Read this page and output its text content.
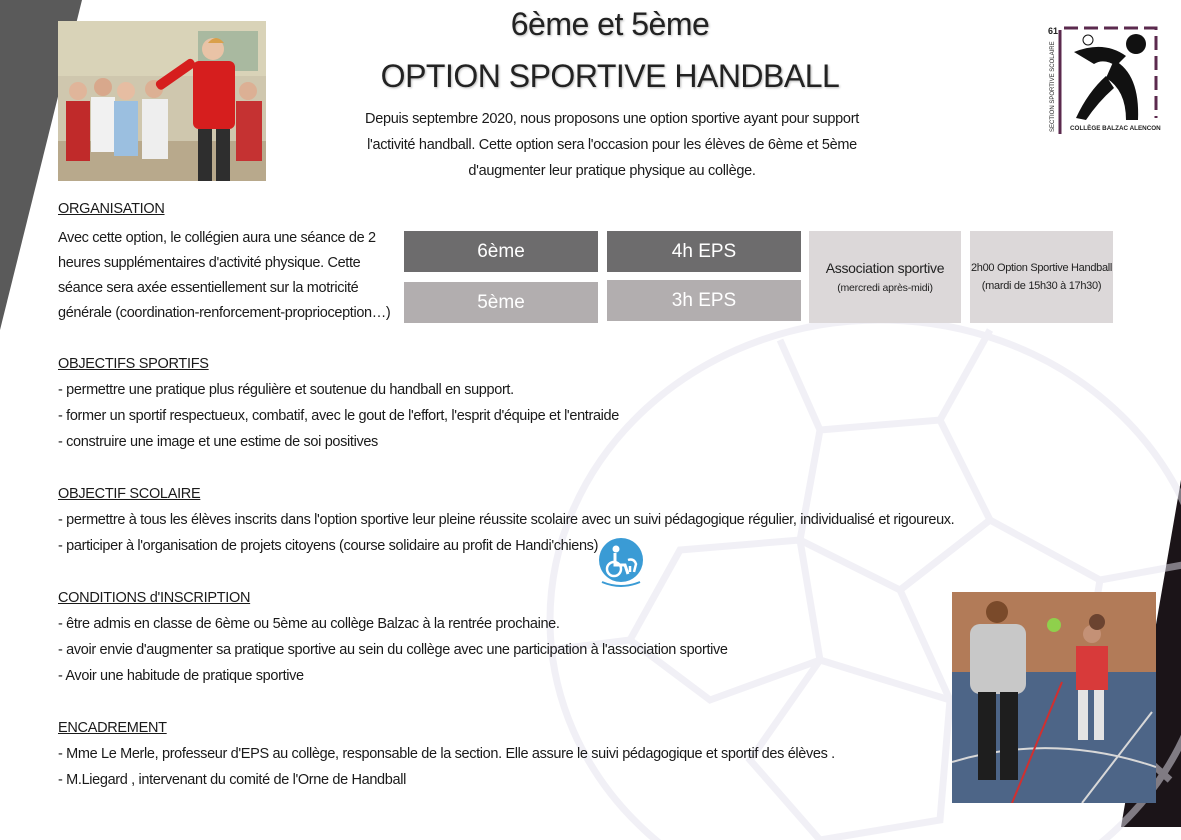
6ème et 5ème
OPTION SPORTIVE HANDBALL
Depuis septembre 2020, nous proposons une option sportive ayant pour support
l'activité handball. Cette option sera l'occasion pour les élèves de 6ème et 5ème
d'augmenter leur pratique physique au collège.
61
SECTION SPORTIVE SCOLAIRE COLLÈGE BALZAC ALENCON
ORGANISATION
Avec cette option, le collégien aura une séance de 2
heures supplémentaires d'activité physique. Cette
séance sera axée essentiellement sur la motricité
générale (coordination-renforcement-proprioception…)
6ème
5ème
4h EPS
3h EPS
Association sportive
(mercredi après-midi)
2h00 Option Sportive Handball
(mardi de 15h30 à 17h30)
OBJECTIFS SPORTIFS
- permettre une pratique plus régulière et soutenue du handball en support.
- former un sportif respectueux, combatif, avec le gout de l'effort, l'esprit d'équipe et l'entraide
- construire une image et une estime de soi positives
OBJECTIF SCOLAIRE
- permettre à tous les élèves inscrits dans l'option sportive leur pleine réussite scolaire avec un suivi pédagogique régulier, individualisé et rigoureux.
- participer à l'organisation de projets citoyens (course solidaire au profit de Handi'chiens)
CONDITIONS d'INSCRIPTION
- être admis en classe de 6ème ou 5ème au collège Balzac à la rentrée prochaine.
- avoir envie d'augmenter sa pratique sportive au sein du collège avec une participation à l'association sportive
- Avoir une habitude de pratique sportive
ENCADREMENT
- Mme Le Merle, professeur d'EPS au collège, responsable de la section. Elle assure le suivi pédagogique et sportif des élèves .
- M.Liegard , intervenant du comité de l'Orne de Handball
